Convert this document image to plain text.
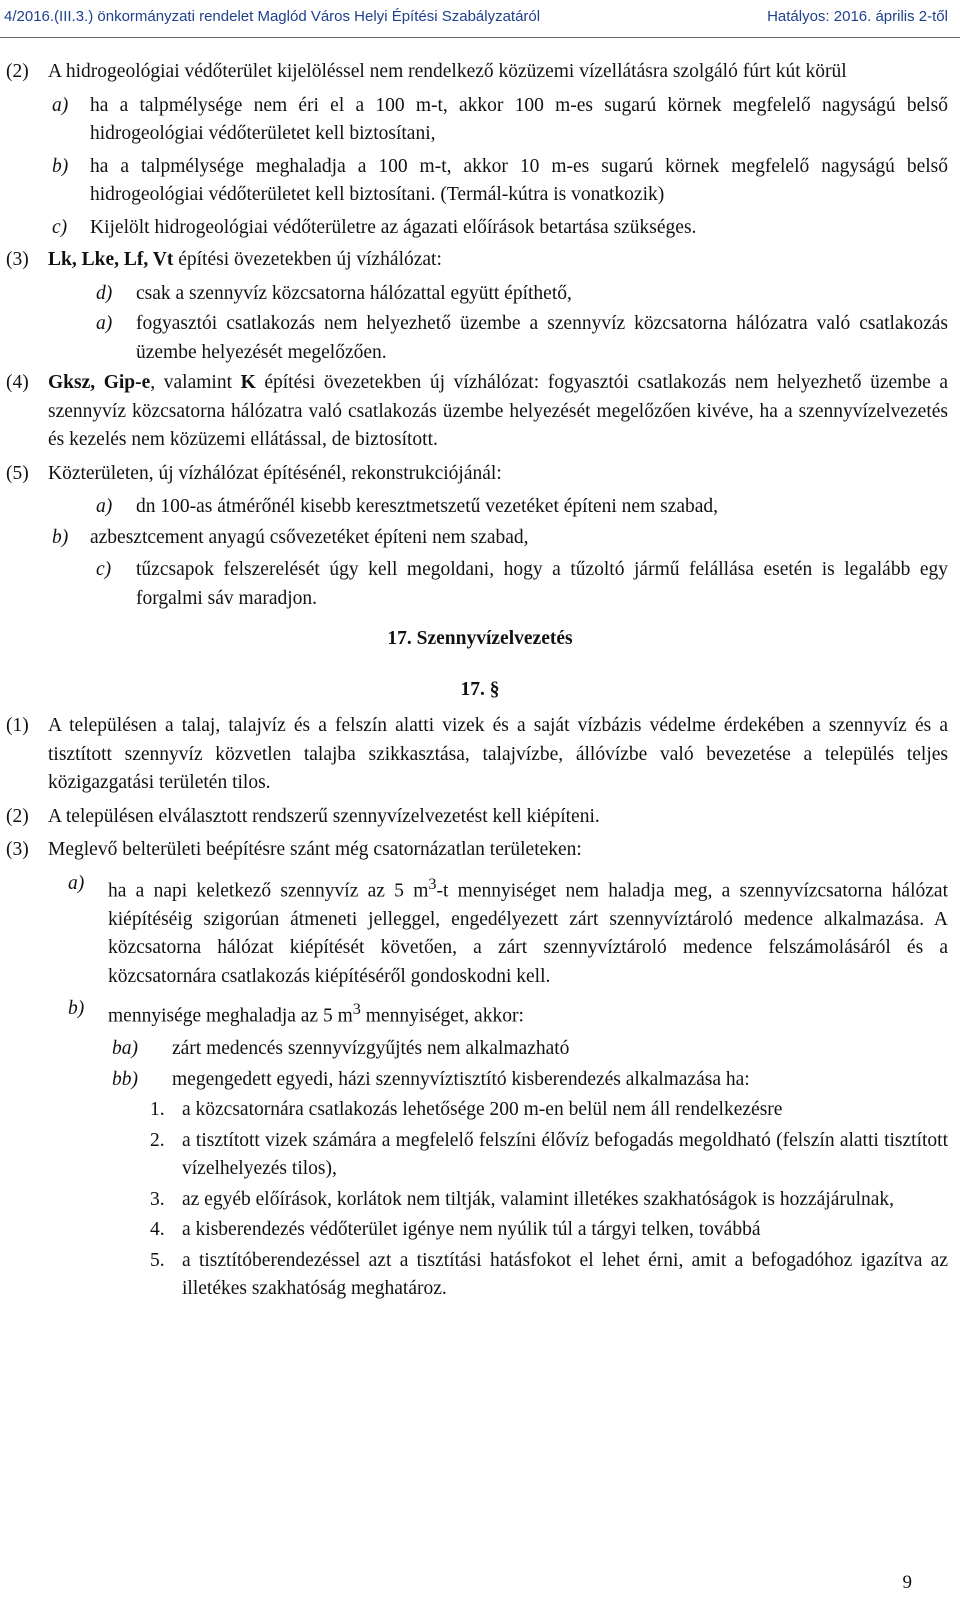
4/2016.(III.3.) önkormányzati rendelet Maglód Város Helyi Építési Szabályzatáról	Hatályos: 2016. április 2-től

(2) A hidrogeológiai védőterület kijelöléssel nem rendelkező közüzemi vízellátásra szolgáló fúrt kút körül

a) ha a talpmélysége nem éri el a 100 m-t, akkor 100 m-es sugarú körnek megfelelő nagyságú belső hidrogeológiai védőterületet kell biztosítani,

b) ha a talpmélysége meghaladja a 100 m-t, akkor 10 m-es sugarú körnek megfelelő nagyságú belső hidrogeológiai védőterületet kell biztosítani. (Termál-kútra is vonatkozik)

c) Kijelölt hidrogeológiai védőterületre az ágazati előírások betartása szükséges.

(3) Lk, Lke, Lf, Vt építési övezetekben új vízhálózat:

d) csak a szennyvíz közcsatorna hálózattal együtt építhető,

a) fogyasztói csatlakozás nem helyezhető üzembe a szennyvíz közcsatorna hálózatra való csatlakozás üzembe helyezését megelőzően.

(4) Gksz, Gip-e, valamint K építési övezetekben új vízhálózat: fogyasztói csatlakozás nem helyezhető üzembe a szennyvíz közcsatorna hálózatra való csatlakozás üzembe helyezését megelőzően kivéve, ha a szennyvízelvezetés és kezelés nem közüzemi ellátással, de biztosított.

(5) Közterületen, új vízhálózat építésénél, rekonstrukciójánál:

a) dn 100-as átmérőnél kisebb keresztmetszetű vezetéket építeni nem szabad,

b) azbesztcement anyagú csővezetéket építeni nem szabad,

c) tűzcsapok felszerelését úgy kell megoldani, hogy a tűzoltó jármű felállása esetén is legalább egy forgalmi sáv maradjon.

17. Szennyvízelvezetés

17. §

(1) A településen a talaj, talajvíz és a felszín alatti vizek és a saját vízbázis védelme érdekében a szennyvíz és a tisztított szennyvíz közvetlen talajba szikkasztása, talajvízbe, állóvízbe való bevezetése a település teljes közigazgatási területén tilos.

(2) A településen elválasztott rendszerű szennyvízelvezetést kell kiépíteni.

(3) Meglevő belterületi beépítésre szánt még csatornázatlan területeken:

a) ha a napi keletkező szennyvíz az 5 $m^3-t$ mennyiséget nem haladja meg, a szennyvízcsatorna hálózat kiépítéséig szigorúan átmeneti jelleggel, engedélyezett zárt szennyvíztároló medence alkalmazása. A közcsatorna hálózat kiépítését követően, a zárt szennyvíztároló medence felszámolásáról és a közcsatornára csatlakozás kiépítéséről gondoskodni kell.

b) mennyisége meghaladja az 5 $m^3$ mennyiséget, akkor:

ba) zárt medencés szennyvízgyűjtés nem alkalmazható

bb) megengedett egyedi, házi szennyvíztisztító kisberendezés alkalmazása ha:

1. a közcsatornára csatlakozás lehetősége 200 m-en belül nem áll rendelkezésre

2. a tisztított vizek számára a megfelelő felszíni élővíz befogadás megoldható (felszín alatti tisztított vízelhelyezés tilos),

3. az egyéb előírások, korlátok nem tiltják, valamint illetékes szakhatóságok is hozzájárulnak,

4. a kisberendezés védőterület igénye nem nyúlik túl a tárgyi telken, továbbá

5. a tisztítóberendezéssel azt a tisztítási hatásfokot el lehet érni, amit a befogadóhoz igazítva az illetékes szakhatóság meghatároz.

9
